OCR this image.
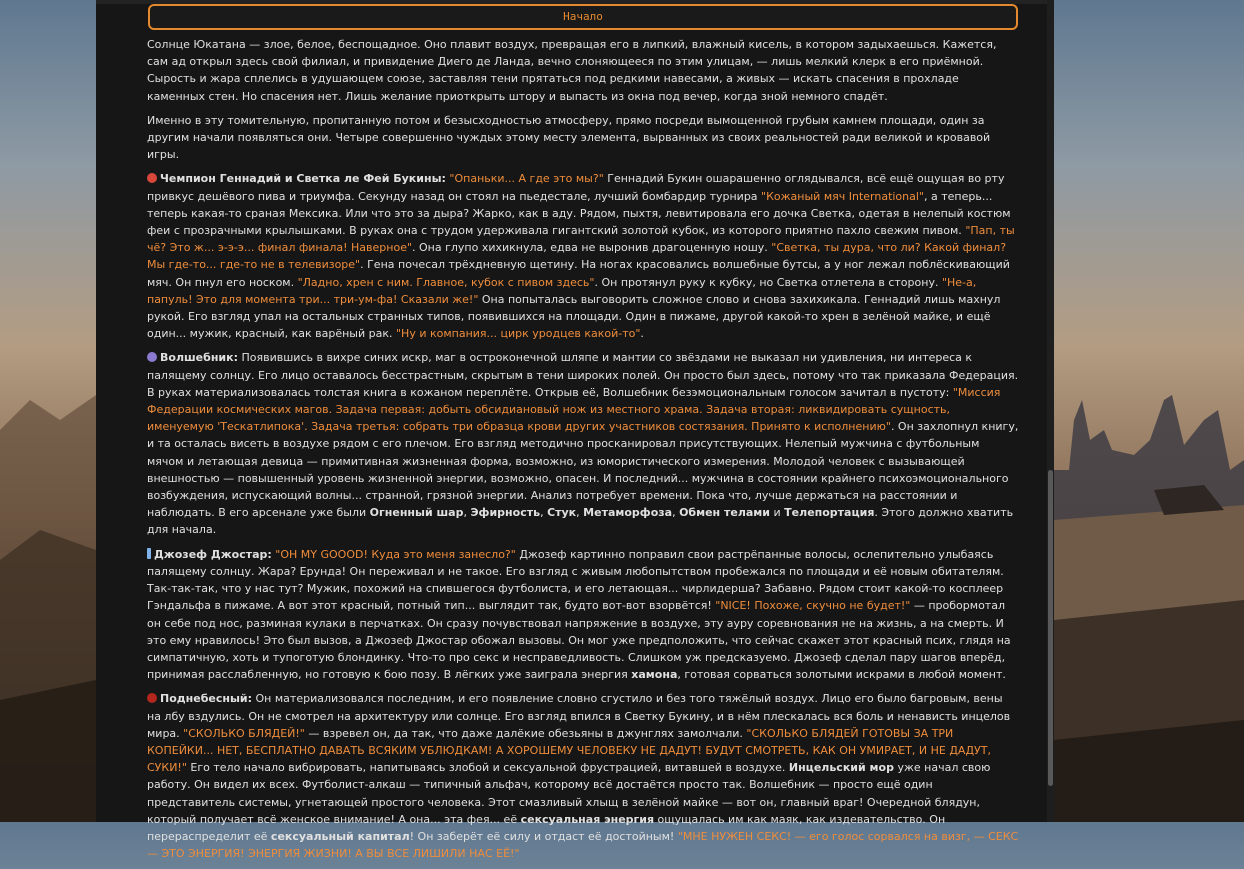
Начало

Солнце Юкатана — злое, белое, беспощадное. Оно плавит воздух, превращая его в липкий, влажный кисель, в котором задыхаешься. Кажется, сам ад открыл здесь свой филиал, и привидение Диего де Ланда, вечно слоняющееся по этим улицам, — лишь мелкий клерк в его приёмной. Сырость и жара сплелись в удушающем союзе, заставляя тени прятаться под редкими навесами, а живых — искать спасения в прохладе каменных стен. Но спасения нет. Лишь желание приоткрыть штору и выпасть из окна под вечер, когда зной немного спадёт.

Именно в эту томительную, пропитанную потом и безысходностью атмосферу, прямо посреди вымощенной грубым камнем площади, один за другим начали появляться они. Четыре совершенно чуждых этому месту элемента, вырванных из своих реальностей ради великой и кровавой игры.

Чемпион Геннадий и Светка ле Фей Букины: "Опаньки... А где это мы?" Геннадий Букин ошарашенно оглядывался, всё ещё ощущая во рту привкус дешёвого пива и триумфа. Секунду назад он стоял на пьедестале, лучший бомбардир турнира "Кожаный мяч International", а теперь... теперь какая-то сраная Мексика. Или что это за дыра? Жарко, как в аду. Рядом, пыхтя, левитировала его дочка Светка, одетая в нелепый костюм феи с прозрачными крылышками. В руках она с трудом удерживала гигантский золотой кубок, из которого приятно пахло свежим пивом. "Пап, ты чё? Это ж... э-э-э... финал финала! Наверное". Она глупо хихикнула, едва не выронив драгоценную ношу. "Светка, ты дура, что ли? Какой финал? Мы где-то... где-то не в телевизоре". Гена почесал трёхдневную щетину. На ногах красовались волшебные бутсы, а у ног лежал поблёскивающий мяч. Он пнул его носком. "Ладно, хрен с ним. Главное, кубок с пивом здесь". Он протянул руку к кубку, но Светка отлетела в сторону. "Не-а, папуль! Это для момента три... три-ум-фа! Сказали же!" Она попыталась выговорить сложное слово и снова захихикала. Геннадий лишь махнул рукой. Его взгляд упал на остальных странных типов, появившихся на площади. Один в пижаме, другой какой-то хрен в зелёной майке, и ещё один... мужик, красный, как варёный рак. "Ну и компания... цирк уродцев какой-то".

Волшебник: Появившись в вихре синих искр, маг в остроконечной шляпе и мантии со звёздами не выказал ни удивления, ни интереса к палящему солнцу. Его лицо оставалось бесстрастным, скрытым в тени широких полей. Он просто был здесь, потому что так приказала Федерация. В руках материализовалась толстая книга в кожаном переплёте. Открыв её, Волшебник безэмоциональным голосом зачитал в пустоту: "Миссия Федерации космических магов. Задача первая: добыть обсидиановый нож из местного храма. Задача вторая: ликвидировать сущность, именуемую 'Тескатлипока'. Задача третья: собрать три образца крови других участников состязания. Принято к исполнению". Он захлопнул книгу, и та осталась висеть в воздухе рядом с его плечом. Его взгляд методично просканировал присутствующих. Нелепый мужчина с футбольным мячом и летающая девица — примитивная жизненная форма, возможно, из юмористического измерения. Молодой человек с вызывающей внешностью — повышенный уровень жизненной энергии, возможно, опасен. И последний... мужчина в состоянии крайнего психоэмоционального возбуждения, испускающий волны... странной, грязной энергии. Анализ потребует времени. Пока что, лучше держаться на расстоянии и наблюдать. В его арсенале уже были Огненный шар, Эфирность, Стук, Метаморфоза, Обмен телами и Телепортация. Этого должно хватить для начала.

Джозеф Джостар: "OH MY GOOOD! Куда это меня занесло?" Джозеф картинно поправил свои растрёпанные волосы, ослепительно улыбаясь палящему солнцу. Жара? Ерунда! Он переживал и не такое. Его взгляд с живым любопытством пробежался по площади и её новым обитателям. Так-так-так, что у нас тут? Мужик, похожий на спившегося футболиста, и его летающая... чирлидерша? Забавно. Рядом стоит какой-то косплеер Гэндальфа в пижаме. А вот этот красный, потный тип... выглядит так, будто вот-вот взорвётся! "NICE! Похоже, скучно не будет!" — пробормотал он себе под нос, разминая кулаки в перчатках. Он сразу почувствовал напряжение в воздухе, эту ауру соревнования не на жизнь, а на смерть. И это ему нравилось! Это был вызов, а Джозеф Джостар обожал вызовы. Он мог уже предположить, что сейчас скажет этот красный псих, глядя на симпатичную, хоть и тупоготую блондинку. Что-то про секс и несправедливость. Слишком уж предсказуемо. Джозеф сделал пару шагов вперёд, принимая расслабленную, но готовую к бою позу. В лёгких уже заиграла энергия хамона, готовая сорваться золотыми искрами в любой момент.

Поднебесный: Он материализовался последним, и его появление словно сгустило и без того тяжёлый воздух. Лицо его было багровым, вены на лбу вздулись. Он не смотрел на архитектуру или солнце. Его взгляд впился в Светку Букину, и в нём плескалась вся боль и ненависть инцелов мира. "СКОЛЬКО БЛЯДЕЙ!" — взревел он, да так, что даже далёкие обезьяны в джунглях замолчали. "СКОЛЬКО БЛЯДЕЙ ГОТОВЫ ЗА ТРИ КОПЕЙКИ... НЕТ, БЕСПЛАТНО ДАВАТЬ ВСЯКИМ УБЛЮДКАМ! А ХОРОШЕМУ ЧЕЛОВЕКУ НЕ ДАДУТ! БУДУТ СМОТРЕТЬ, КАК ОН УМИРАЕТ, И НЕ ДАДУТ, СУКИ!" Его тело начало вибрировать, напитываясь злобой и сексуальной фрустрацией, витавшей в воздухе. Инцельский мор уже начал свою работу. Он видел их всех. Футболист-алкаш — типичный альфач, которому всё достаётся просто так. Волшебник — просто ещё один представитель системы, угнетающей простого человека. Этот смазливый хлыщ в зелёной майке — вот он, главный враг! Очередной блядун, который получает всё женское внимание! А она... эта фея... её сексуальная энергия ощущалась им как маяк, как издевательство. Он перераспределит её сексуальный капитал! Он заберёт её силу и отдаст её достойным! "МНЕ НУЖЕН СЕКС! — его голос сорвался на визг, — СЕКС — ЭТО ЭНЕРГИЯ! ЭНЕРГИЯ ЖИЗНИ! А ВЫ ВСЕ ЛИШИЛИ НАС ЕЁ!"
